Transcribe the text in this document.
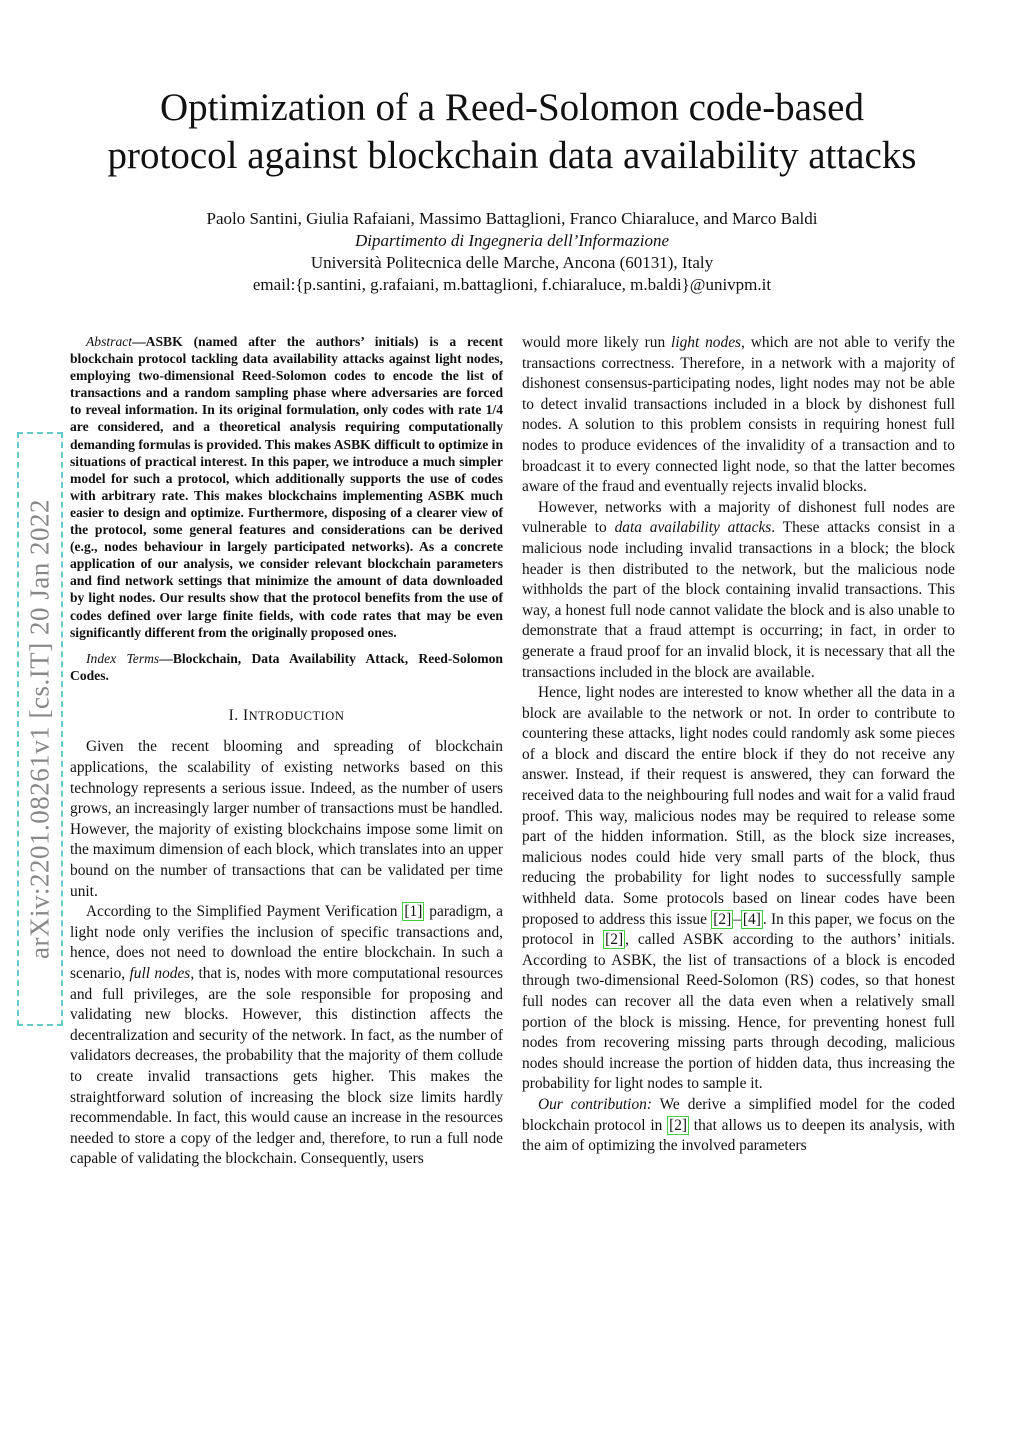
arXiv:2201.08261v1 [cs.IT] 20 Jan 2022
Optimization of a Reed-Solomon code-based
protocol against blockchain data availability attacks
Paolo Santini, Giulia Rafaiani, Massimo Battaglioni, Franco Chiaraluce, and Marco Baldi
Dipartimento di Ingegneria dell’Informazione
Università Politecnica delle Marche, Ancona (60131), Italy
email:{p.santini, g.rafaiani, m.battaglioni, f.chiaraluce, m.baldi}@univpm.it
Abstract—ASBK (named after the authors’ initials) is a recent blockchain protocol tackling data availability attacks against light nodes, employing two-dimensional Reed-Solomon codes to encode the list of transactions and a random sampling phase where adversaries are forced to reveal information. In its original formulation, only codes with rate 1/4 are considered, and a theoretical analysis requiring computationally demanding formulas is provided. This makes ASBK difficult to optimize in situations of practical interest. In this paper, we introduce a much simpler model for such a protocol, which additionally supports the use of codes with arbitrary rate. This makes blockchains implementing ASBK much easier to design and optimize. Furthermore, disposing of a clearer view of the protocol, some general features and considerations can be derived (e.g., nodes behaviour in largely participated networks). As a concrete application of our analysis, we consider relevant blockchain parameters and find network settings that minimize the amount of data downloaded by light nodes. Our results show that the protocol benefits from the use of codes defined over large finite fields, with code rates that may be even significantly different from the originally proposed ones.
Index Terms—Blockchain, Data Availability Attack, Reed-Solomon Codes.
I. INTRODUCTION

Given the recent blooming and spreading of blockchain applications, the scalability of existing networks based on this technology represents a serious issue. Indeed, as the number of users grows, an increasingly larger number of transactions must be handled. However, the majority of existing blockchains impose some limit on the maximum dimension of each block, which translates into an upper bound on the number of transactions that can be validated per time unit.

According to the Simplified Payment Verification [1] paradigm, a light node only verifies the inclusion of specific transactions and, hence, does not need to download the entire blockchain. In such a scenario, full nodes, that is, nodes with more computational resources and full privileges, are the sole responsible for proposing and validating new blocks. However, this distinction affects the decentralization and security of the network. In fact, as the number of validators decreases, the probability that the majority of them collude to create invalid transactions gets higher. This makes the straightforward solution of increasing the block size limits hardly recommendable. In fact, this would cause an increase in the resources needed to store a copy of the ledger and, therefore, to run a full node capable of validating the blockchain. Consequently, users

would more likely run light nodes, which are not able to verify the transactions correctness. Therefore, in a network with a majority of dishonest consensus-participating nodes, light nodes may not be able to detect invalid transactions included in a block by dishonest full nodes. A solution to this problem consists in requiring honest full nodes to produce evidences of the invalidity of a transaction and to broadcast it to every connected light node, so that the latter becomes aware of the fraud and eventually rejects invalid blocks.

However, networks with a majority of dishonest full nodes are vulnerable to data availability attacks. These attacks consist in a malicious node including invalid transactions in a block; the block header is then distributed to the network, but the malicious node withholds the part of the block containing invalid transactions. This way, a honest full node cannot validate the block and is also unable to demonstrate that a fraud attempt is occurring; in fact, in order to generate a fraud proof for an invalid block, it is necessary that all the transactions included in the block are available.

Hence, light nodes are interested to know whether all the data in a block are available to the network or not. In order to contribute to countering these attacks, light nodes could randomly ask some pieces of a block and discard the entire block if they do not receive any answer. Instead, if their request is answered, they can forward the received data to the neighbouring full nodes and wait for a valid fraud proof. This way, malicious nodes may be required to release some part of the hidden information. Still, as the block size increases, malicious nodes could hide very small parts of the block, thus reducing the probability for light nodes to successfully sample withheld data. Some protocols based on linear codes have been proposed to address this issue [2] – [4] . In this paper, we focus on the protocol in [2] , called ASBK according to the authors’ initials. According to ASBK, the list of transactions of a block is encoded through two-dimensional Reed-Solomon (RS) codes, so that honest full nodes can recover all the data even when a relatively small portion of the block is missing. Hence, for preventing honest full nodes from recovering missing parts through decoding, malicious nodes should increase the portion of hidden data, thus increasing the probability for light nodes to sample it.

Our contribution: We derive a simplified model for the coded blockchain protocol in [2] that allows us to deepen its analysis, with the aim of optimizing the involved parameters
